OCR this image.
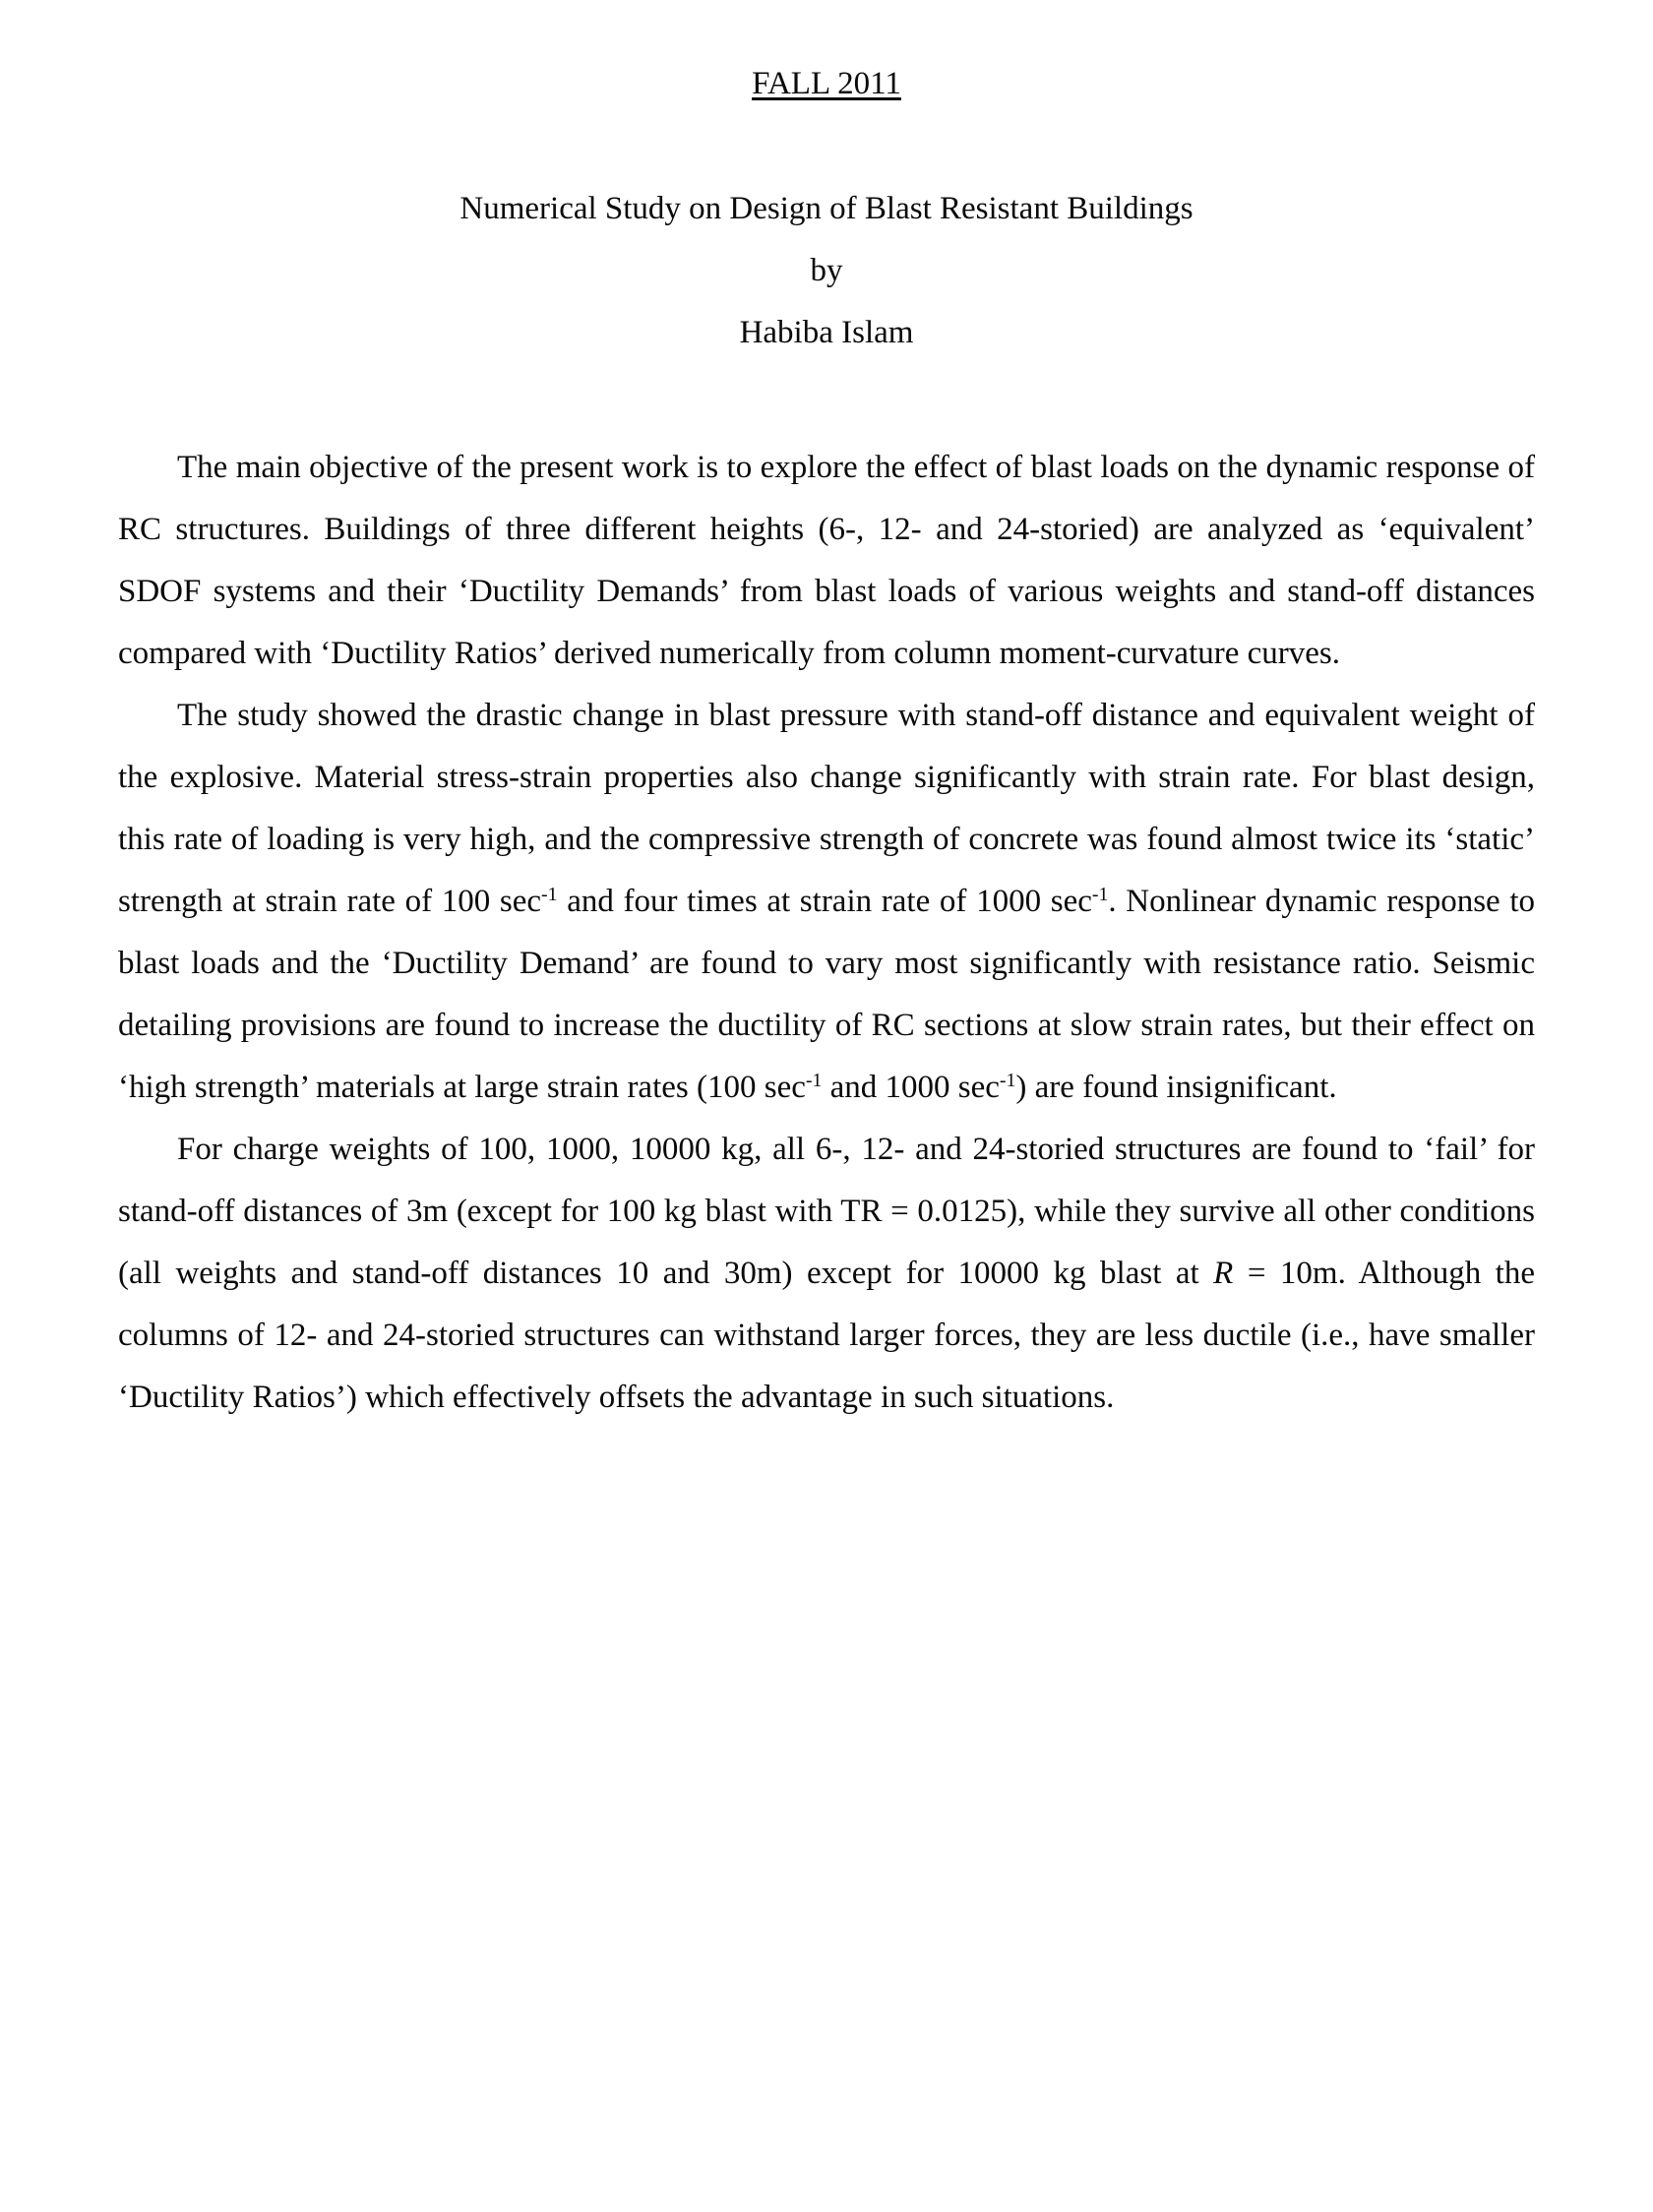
FALL 2011
Numerical Study on Design of Blast Resistant Buildings
by
Habiba Islam

The main objective of the present work is to explore the effect of blast loads on the dynamic response of RC structures. Buildings of three different heights (6-, 12- and 24-storied) are analyzed as ‘equivalent’ SDOF systems and their ‘Ductility Demands’ from blast loads of various weights and stand-off distances compared with ‘Ductility Ratios’ derived numerically from column moment-curvature curves.

The study showed the drastic change in blast pressure with stand-off distance and equivalent weight of the explosive. Material stress-strain properties also change significantly with strain rate. For blast design, this rate of loading is very high, and the compressive strength of concrete was found almost twice its ‘static’ strength at strain rate of 100 $\sec^{-1}$ and four times at strain rate of 1000 $\sec^{-1}$. Nonlinear dynamic response to blast loads and the ‘Ductility Demand’ are found to vary most significantly with resistance ratio. Seismic detailing provisions are found to increase the ductility of RC sections at slow strain rates, but their effect on ‘high strength’ materials at large strain rates (100 $\sec^{-1}$ and 1000 $\sec^{-1}$) are found insignificant.

For charge weights of 100, 1000, 10000 kg, all 6-, 12- and 24-storied structures are found to ‘fail’ for stand-off distances of 3m (except for 100 kg blast with TR = 0.0125), while they survive all other conditions (all weights and stand-off distances 10 and 30m) except for 10000 kg blast at R = 10m. Although the columns of 12- and 24-storied structures can withstand larger forces, they are less ductile (i.e., have smaller ‘Ductility Ratios’) which effectively offsets the advantage in such situations.
